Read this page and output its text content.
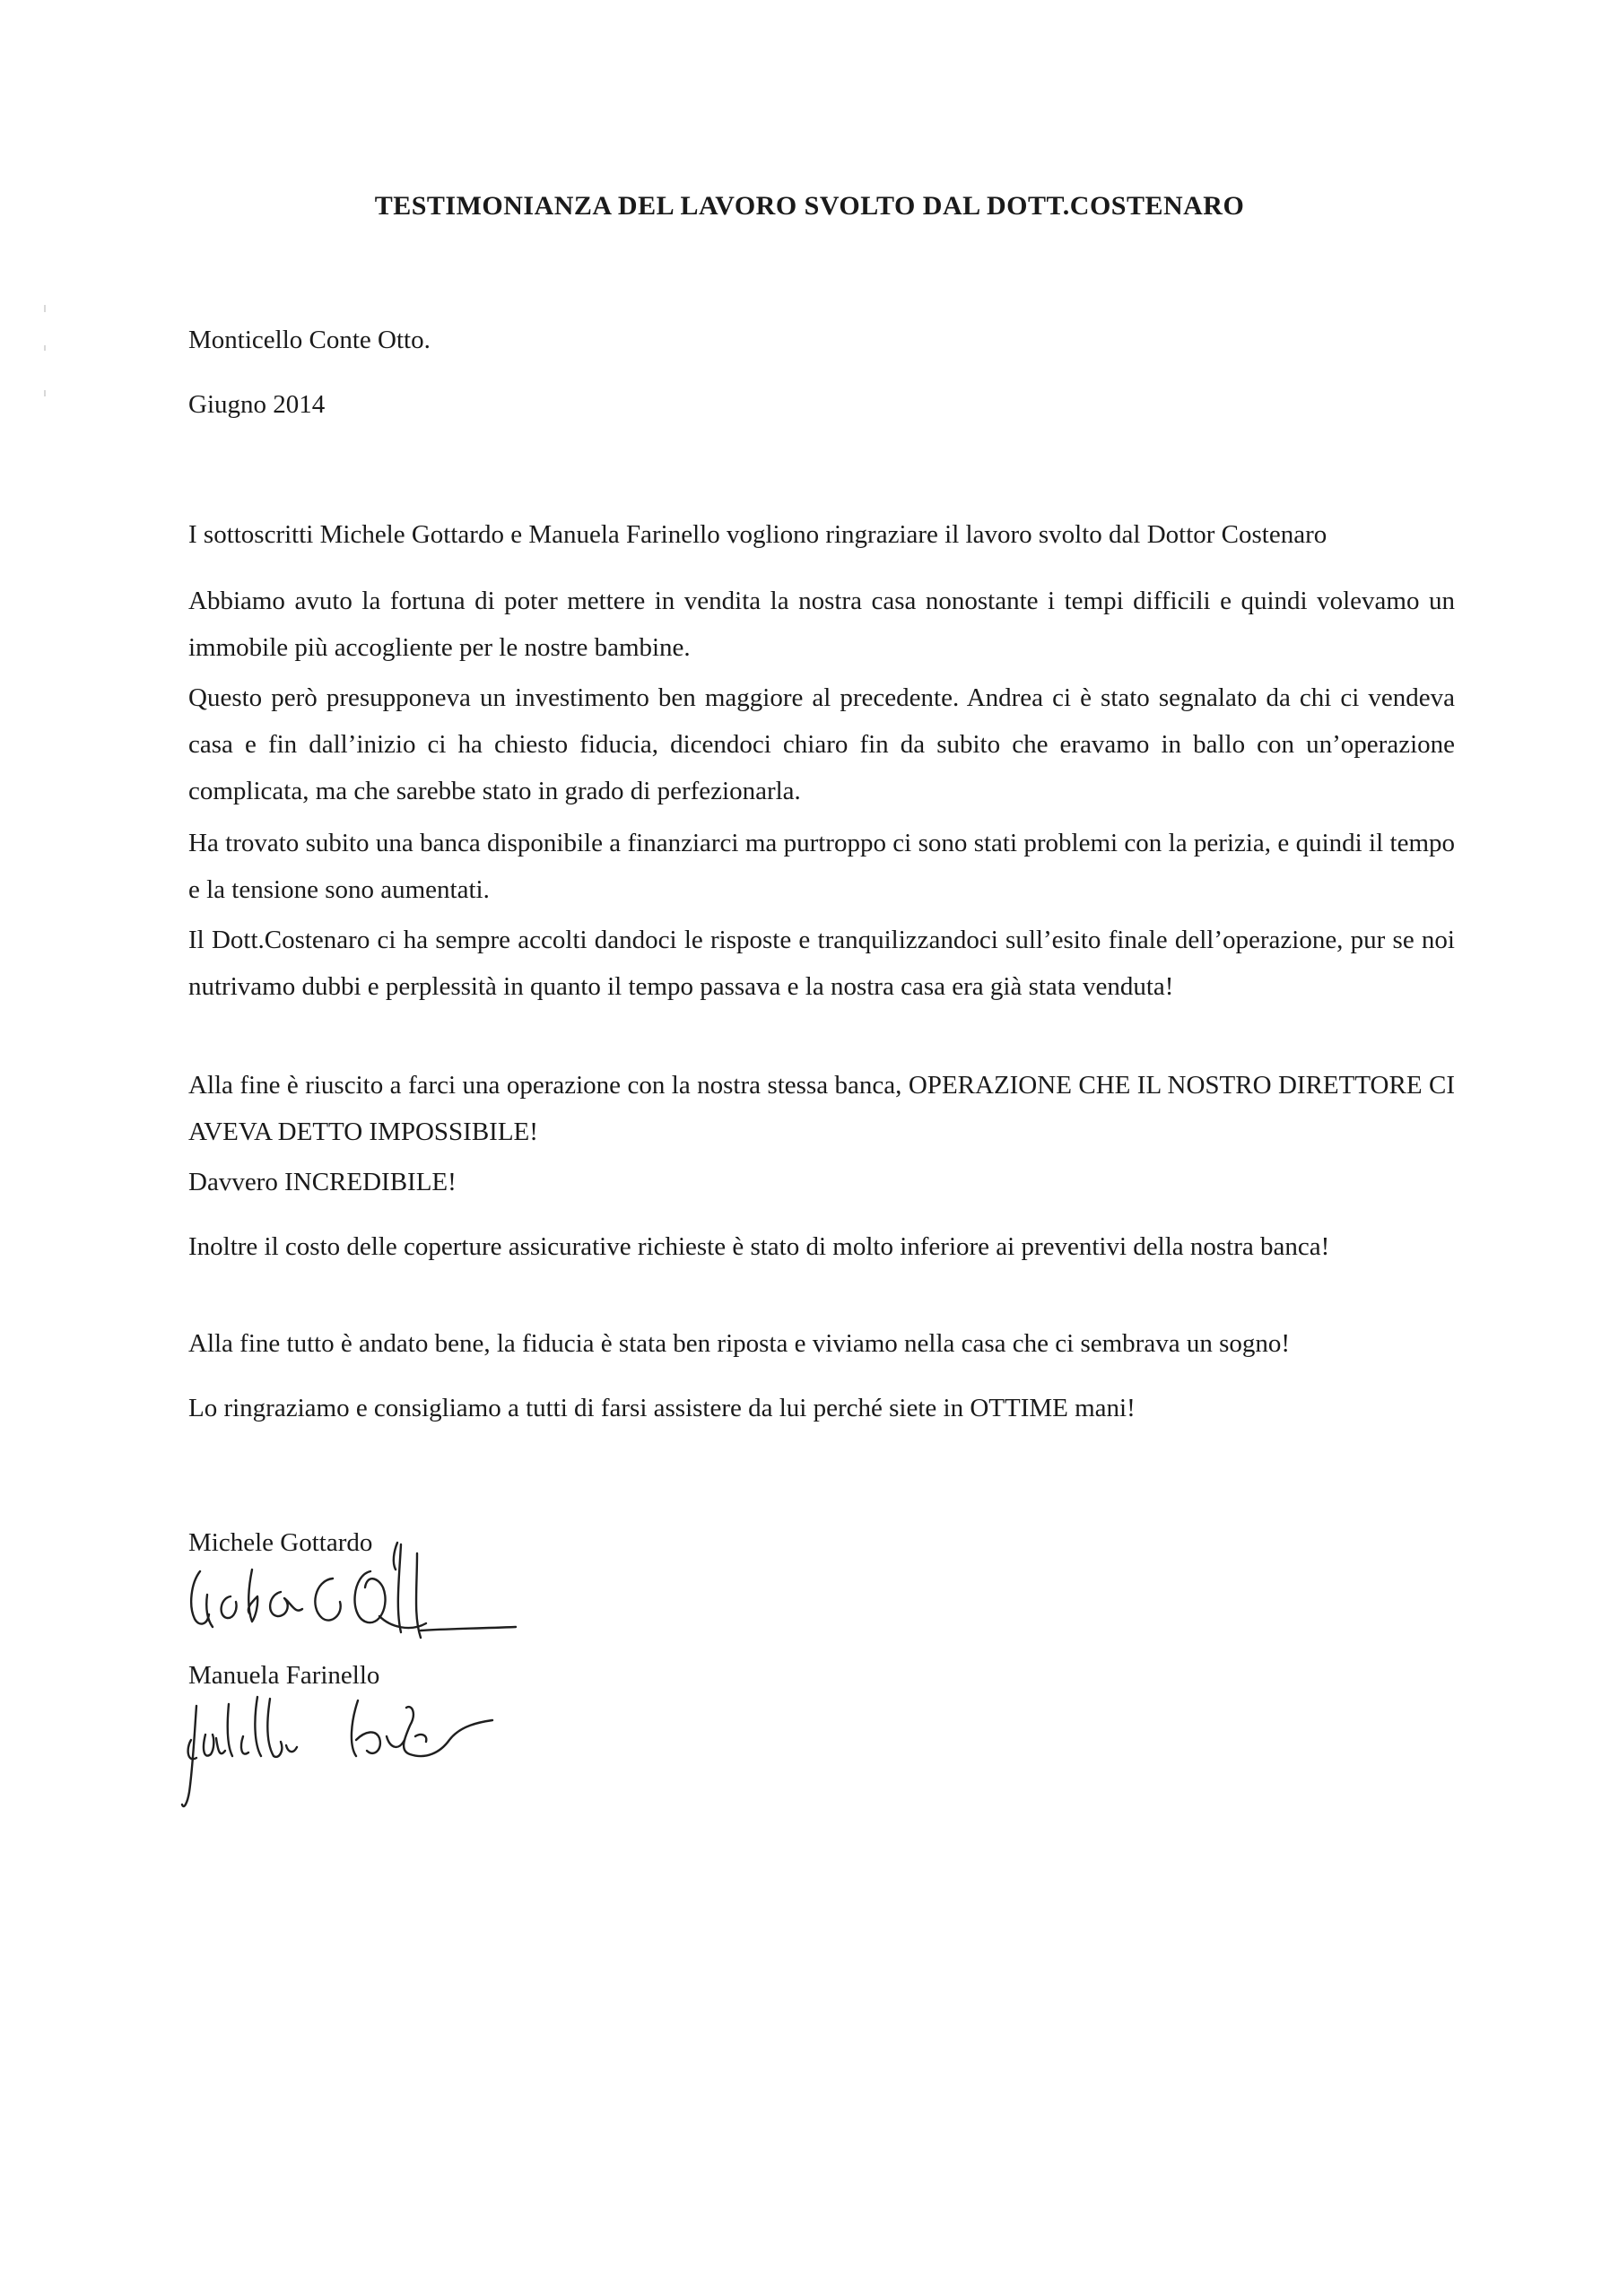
TESTIMONIANZA DEL LAVORO SVOLTO DAL DOTT.COSTENARO
Monticello Conte Otto.
Giugno 2014

I sottoscritti Michele Gottardo e Manuela Farinello vogliono ringraziare il lavoro svolto dal Dottor Costenaro

Abbiamo avuto la fortuna di poter mettere in vendita la nostra casa nonostante i tempi difficili e quindi volevamo un immobile più accogliente per le nostre bambine.

Questo però presupponeva un investimento ben maggiore al precedente. Andrea ci è stato segnalato da chi ci vendeva casa e fin dall’inizio ci ha chiesto fiducia, dicendoci chiaro fin da subito che eravamo in ballo con un’operazione complicata, ma che sarebbe stato in grado di perfezionarla.

Ha trovato subito una banca disponibile a finanziarci ma purtroppo ci sono stati problemi con la perizia, e quindi il tempo e la tensione sono aumentati.

Il Dott.Costenaro ci ha sempre accolti dandoci le risposte e tranquilizzandoci sull’esito finale dell’operazione, pur se noi nutrivamo dubbi e perplessità in quanto il tempo passava e la nostra casa era già stata venduta!

Alla fine è riuscito a farci una operazione con la nostra stessa banca, OPERAZIONE CHE IL NOSTRO DIRETTORE CI AVEVA DETTO IMPOSSIBILE!

Davvero INCREDIBILE!

Inoltre il costo delle coperture assicurative richieste è stato di molto inferiore ai preventivi della nostra banca!

Alla fine tutto è andato bene, la fiducia è stata ben riposta e viviamo nella casa che ci sembrava un sogno!

Lo ringraziamo e consigliamo a tutti di farsi assistere da lui perché siete in OTTIME mani!

Michele Gottardo
Manuela Farinello
